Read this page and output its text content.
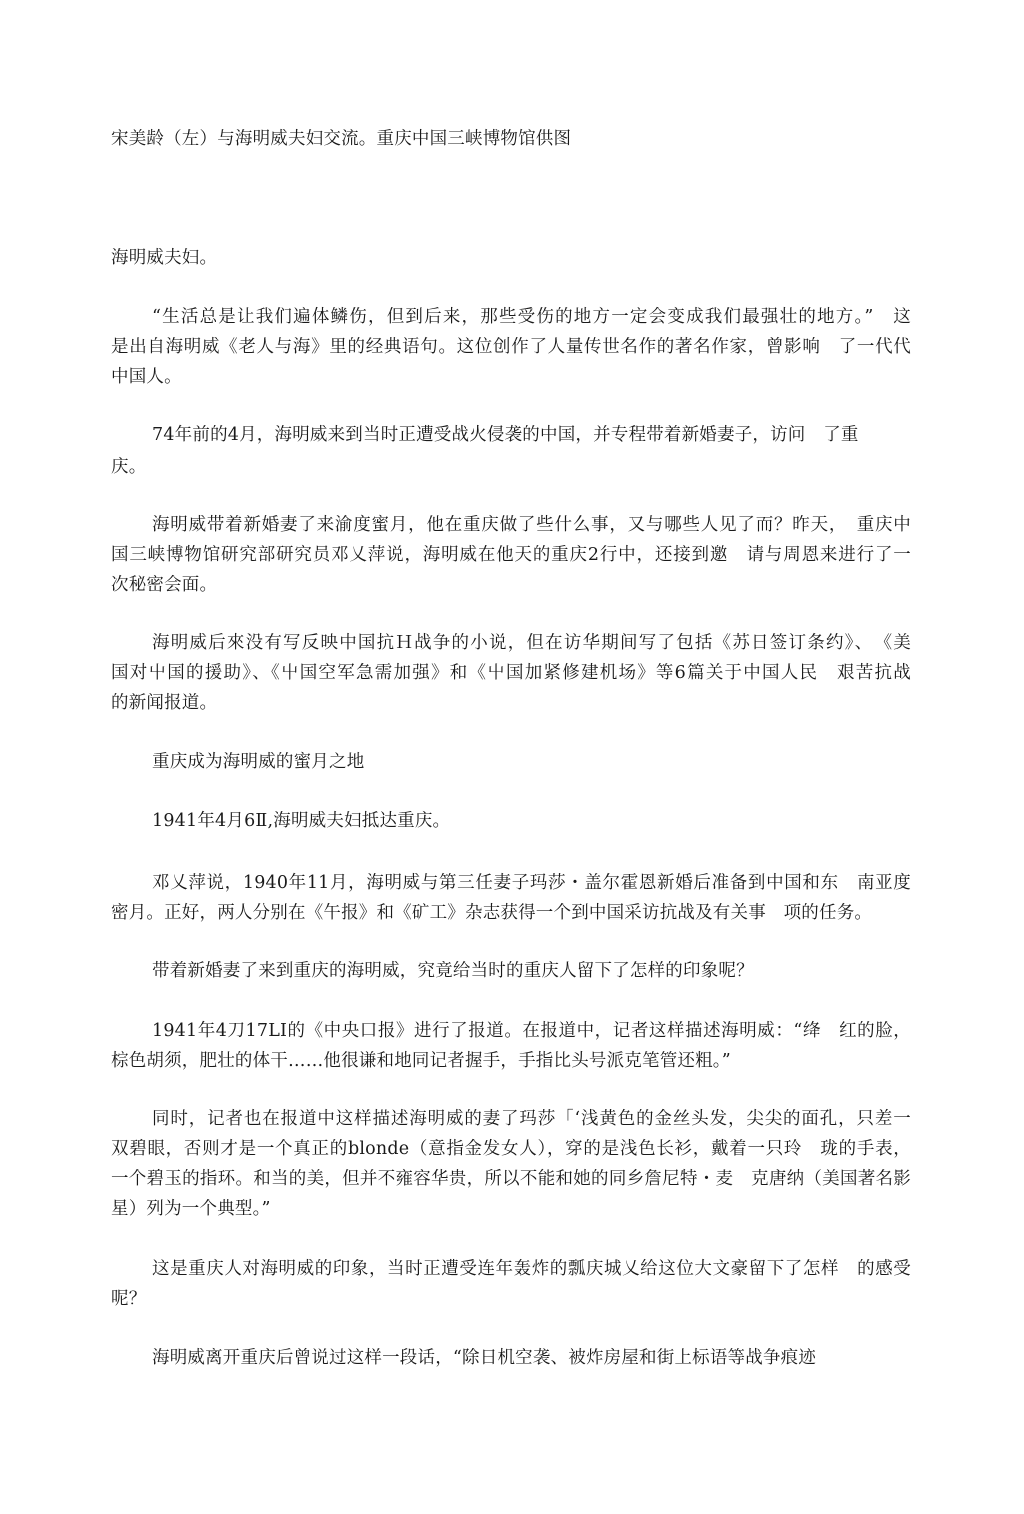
宋美龄（左）与海明威夫妇交流。重庆中国三峡博物馆供图
海明威夫妇。
“生活总是让我们遍体鳞伤，但到后来，那些受伤的地方一定会变成我们最强壮的地方。”　这
是出自海明威《老人与海》里的经典语句。这位创作了人量传世名作的著名作家，曾影响　了一代代
中国人。
74年前的4月，海明威来到当时正遭受战火侵袭的中国，并专程带着新婚妻子，访问　了重
庆。
海明威带着新婚妻了来渝度蜜月，他在重庆做了些什么事，又与哪些人见了而？昨天，　重庆中
国三峡博物馆研究部研究员邓乂萍说，海明威在他天的重庆2行中，还接到邀　请与周恩来进行了一
次秘密会面。
海明威后來没有写反映中国抗Ｈ战争的小说，但在访华期间写了包括《苏日签订条约》、　《美
国对屮国的援助》、《屮国空军急需加强》和《屮国加紧修建机场》等6篇关于中国人民　艰苦抗战
的新闻报道。
重庆成为海明威的蜜月之地
1941年4月6Ⅱ,海明威夫妇抵达重庆。
邓乂萍说，1940年11月，海明威与第三任妻子玛莎・盖尔霍恩新婚后准备到中国和东　南亚度
密月。正好，两人分别在《午报》和《矿工》杂志获得一个到中国采访抗战及有关事　项的任务。
带着新婚妻了来到重庆的海明威，究竟给当时的重庆人留下了怎样的印象呢？
1941年4刀17LI的《中央口报》进行了报道。在报道中，记者这样描述海明威：“绛　红的脸，
棕色胡须，肥壮的体干……他很谦和地同记者握手，手指比头号派克笔管还粗。”
同时，记者也在报道中这样描述海明威的妻了玛莎「‘浅黄色的金丝头发，尖尖的面孔，只差一
双碧眼，否则才是一个真正的blonde（意指金发女人），穿的是浅色长衫，戴着一只玲　珑的手表，
一个碧玉的指环。和当的美，但并不雍容华贵，所以不能和她的同乡詹尼特・麦　克唐纳（美国著名影
星）列为一个典型。”
这是重庆人对海明威的印象，当时正遭受连年轰炸的瓢庆城乂给这位大文豪留下了怎样　的感受
呢？
海明威离开重庆后曾说过这样一段话，“除日机空袭、被炸房屋和街上标语等战争痕迹
